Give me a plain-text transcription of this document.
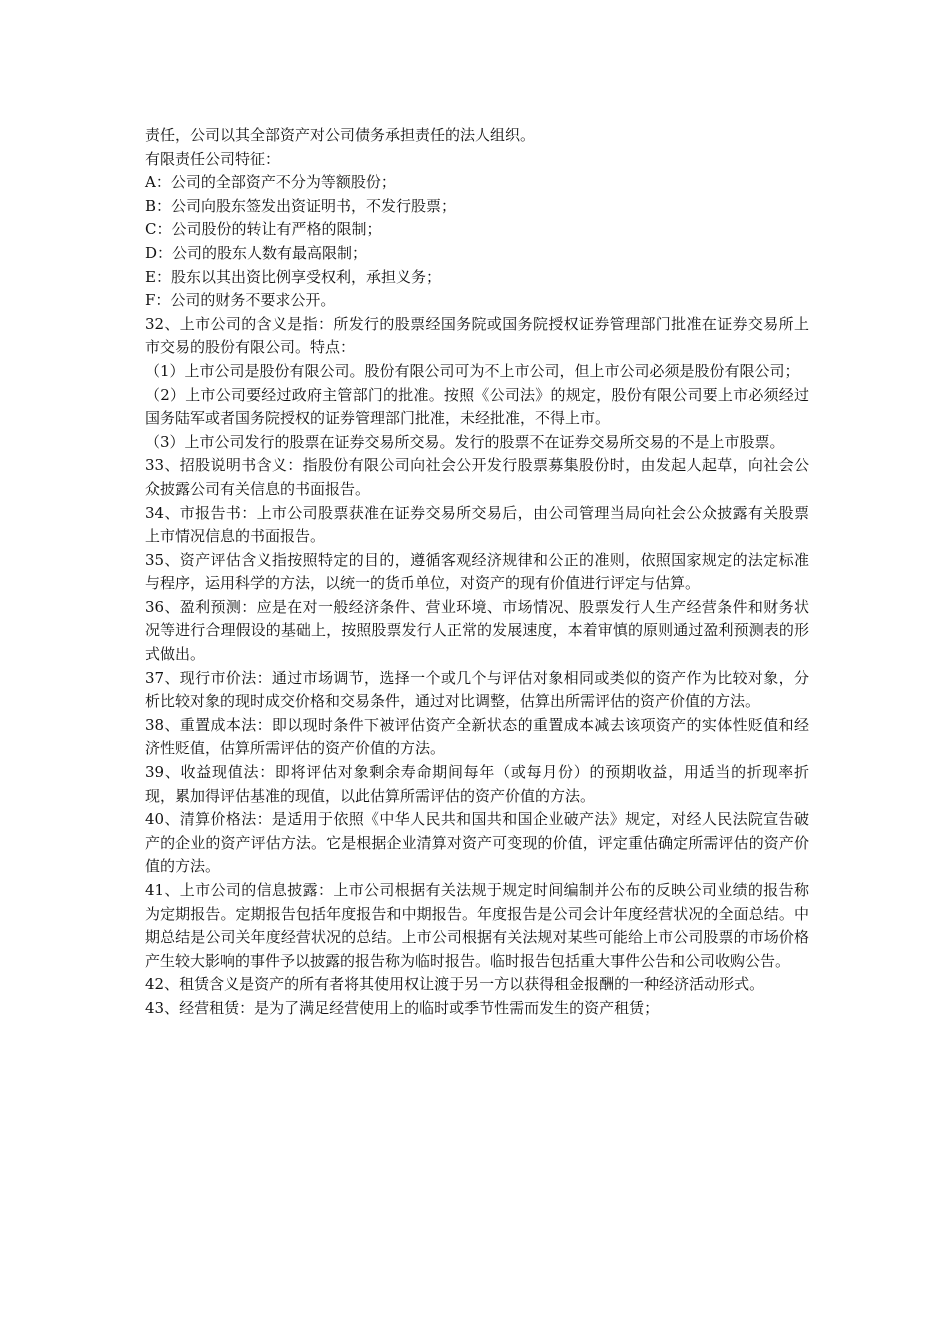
责任，公司以其全部资产对公司债务承担责任的法人组织。

有限责任公司特征：

A：公司的全部资产不分为等额股份；

B：公司向股东签发出资证明书，不发行股票；

C：公司股份的转让有严格的限制；

D：公司的股东人数有最高限制；

E：股东以其出资比例享受权利，承担义务；

F：公司的财务不要求公开。

32、上市公司的含义是指：所发行的股票经国务院或国务院授权证券管理部门批准在证券交易所上市交易的股份有限公司。特点：

（1）上市公司是股份有限公司。股份有限公司可为不上市公司，但上市公司必须是股份有限公司；

（2）上市公司要经过政府主管部门的批准。按照《公司法》的规定，股份有限公司要上市必须经过国务陆军或者国务院授权的证券管理部门批准，未经批准，不得上市。

（3）上市公司发行的股票在证券交易所交易。发行的股票不在证券交易所交易的不是上市股票。

33、招股说明书含义：指股份有限公司向社会公开发行股票募集股份时，由发起人起草，向社会公众披露公司有关信息的书面报告。

34、市报告书：上市公司股票获准在证券交易所交易后，由公司管理当局向社会公众披露有关股票上市情况信息的书面报告。

35、资产评估含义指按照特定的目的，遵循客观经济规律和公正的准则，依照国家规定的法定标准与程序，运用科学的方法，以统一的货币单位，对资产的现有价值进行评定与估算。

36、盈利预测：应是在对一般经济条件、营业环境、市场情况、股票发行人生产经营条件和财务状况等进行合理假设的基础上，按照股票发行人正常的发展速度，本着审慎的原则通过盈利预测表的形式做出。

37、现行市价法：通过市场调节，选择一个或几个与评估对象相同或类似的资产作为比较对象，分析比较对象的现时成交价格和交易条件，通过对比调整，估算出所需评估的资产价值的方法。

38、重置成本法：即以现时条件下被评估资产全新状态的重置成本减去该项资产的实体性贬值和经济性贬值，估算所需评估的资产价值的方法。

39、收益现值法：即将评估对象剩余寿命期间每年（或每月份）的预期收益，用适当的折现率折现，累加得评估基准的现值，以此估算所需评估的资产价值的方法。

40、清算价格法：是适用于依照《中华人民共和国共和国企业破产法》规定，对经人民法院宣告破产的企业的资产评估方法。它是根据企业清算对资产可变现的价值，评定重估确定所需评估的资产价值的方法。

41、上市公司的信息披露：上市公司根据有关法规于规定时间编制并公布的反映公司业绩的报告称为定期报告。定期报告包括年度报告和中期报告。年度报告是公司会计年度经营状况的全面总结。中期总结是公司关年度经营状况的总结。上市公司根据有关法规对某些可能给上市公司股票的市场价格产生较大影响的事件予以披露的报告称为临时报告。临时报告包括重大事件公告和公司收购公告。

42、租赁含义是资产的所有者将其使用权让渡于另一方以获得租金报酬的一种经济活动形式。

43、经营租赁：是为了满足经营使用上的临时或季节性需而发生的资产租赁；
